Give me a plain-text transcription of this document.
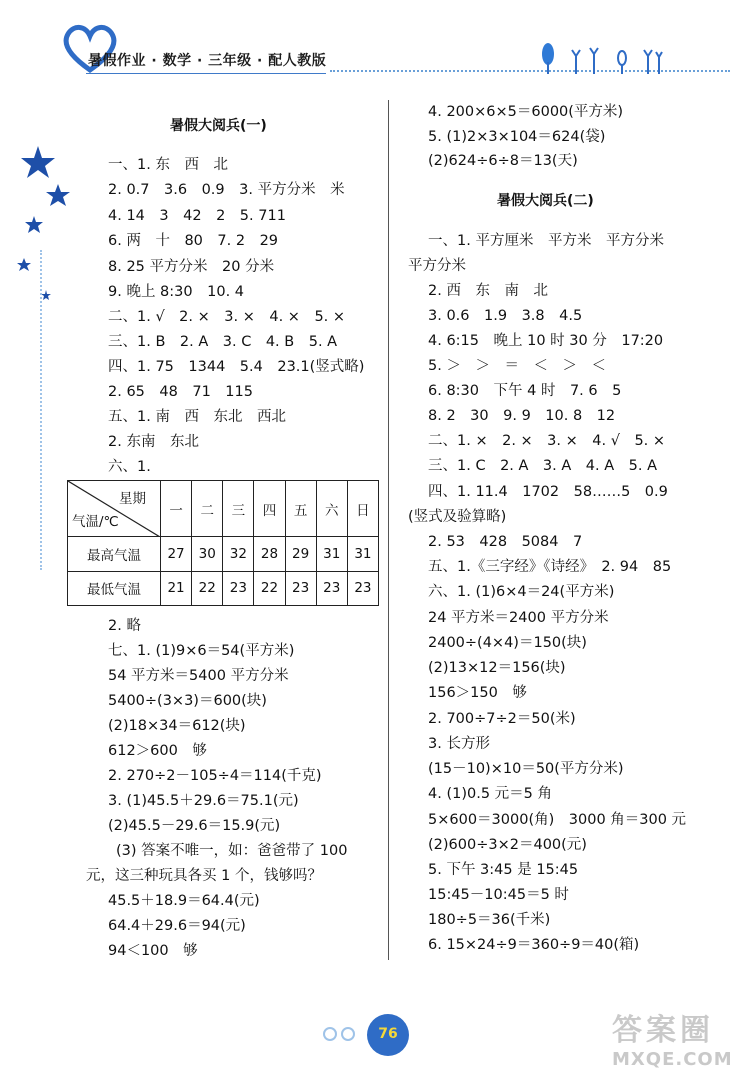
暑假作业 · 数学 · 三年级 · 配人教版
暑假大阅兵(一)
一、1. 东　西　北
2. 0.7　3.6　0.9　3. 平方分米　米
4. 14　3　42　2　5. 711
6. 两　十　80　7. 2　29
8. 25 平方分米　20 分米
9. 晚上 8:30　10. 4
二、1. √　2. ×　3. ×　4. ×　5. ×
三、1. B　2. A　3. C　4. B　5. A
四、1. 75　1344　5.4　23.1(竖式略)
2. 65　48　71　115
五、1. 南　西　东北　西北
2. 东南　东北
六、1.
星期
气温/℃	一	二	三	四	五	六	日
最高气温	27	30	32	28	29	31	31
最低气温	21	22	23	22	23	23	23
2. 略
七、1. (1)9×6＝54(平方米)
54 平方米＝5400 平方分米
5400÷(3×3)＝600(块)
(2)18×34＝612(块)
612＞600　够
2. 270÷2－105÷4＝114(千克)
3. (1)45.5＋29.6＝75.1(元)
(2)45.5－29.6＝15.9(元)
(3) 答案不唯一，如：爸爸带了 100
元，这三种玩具各买 1 个，钱够吗？
45.5＋18.9＝64.4(元)
64.4＋29.6＝94(元)
94＜100　够
4. 200×6×5＝6000(平方米)
5. (1)2×3×104＝624(袋)
(2)624÷6÷8＝13(天)
暑假大阅兵(二)
一、1. 平方厘米　平方米　平方分米
平方分米
2. 西　东　南　北
3. 0.6　1.9　3.8　4.5
4. 6:15　晚上 10 时 30 分　17:20
5. ＞　＞　＝　＜　＞　＜
6. 8:30　下午 4 时　7. 6　5
8. 2　30　9. 9　10. 8　12
二、1. ×　2. ×　3. ×　4. √　5. ×
三、1. C　2. A　3. A　4. A　5. A
四、1. 11.4　1702　58……5　0.9
(竖式及验算略)
2. 53　428　5084　7
五、1.《三字经》《诗经》　2. 94　85
六、1. (1)6×4＝24(平方米)
24 平方米＝2400 平方分米
2400÷(4×4)＝150(块)
(2)13×12＝156(块)
156＞150　够
2. 700÷7÷2＝50(米)
3. 长方形
(15－10)×10＝50(平方分米)
4. (1)0.5 元＝5 角
5×600＝3000(角)　3000 角＝300 元
(2)600÷3×2＝400(元)
5. 下午 3:45 是 15:45
15:45－10:45＝5 时
180÷5＝36(千米)
6. 15×24÷9＝360÷9＝40(箱)
76	答案圈
MXQE.COM
